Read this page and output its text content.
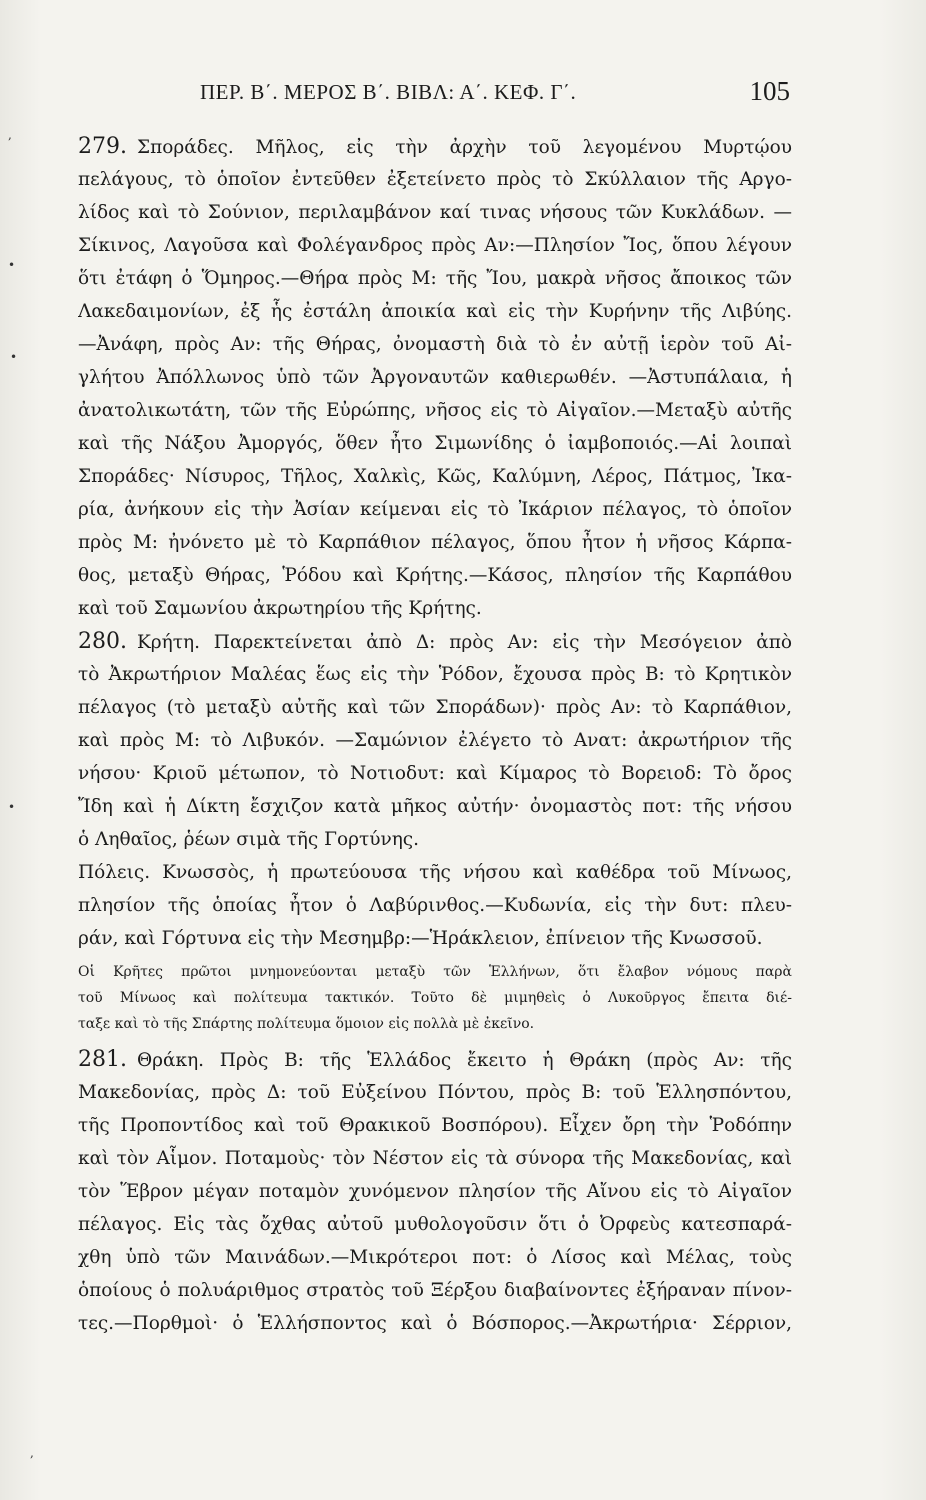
ΠΕΡ. Β΄. ΜΕΡΟΣ Β΄. ΒΙΒΛ: Α΄. ΚΕΦ. Γ΄.	105
279. Σποράδες. Μῆλος, εἰς τὴν ἀρχὴν τοῦ λεγομένου Μυρτῴου
πελάγους, τὸ ὁποῖον ἐντεῦθεν ἐξετείνετο πρὸς τὸ Σκύλλαιον τῆς Αργο-
λίδος καὶ τὸ Σούνιον, περιλαμβάνον καί τινας νήσους τῶν Κυκλάδων. —
Σίκινος, Λαγοῦσα καὶ Φολέγανδρος πρὸς Αν:—Πλησίον Ἴος, ὅπου λέγουν
ὅτι ἐτάφη ὁ Ὅμηρος.—Θήρα πρὸς Μ: τῆς Ἴου, μακρὰ νῆσος ἄποικος τῶν
Λακεδαιμονίων, ἐξ ἧς ἐστάλη ἀποικία καὶ εἰς τὴν Κυρήνην τῆς Λιβύης.
—Ἀνάφη, πρὸς Αν: τῆς Θήρας, ὀνομαστὴ διὰ τὸ ἐν αὐτῇ ἱερὸν τοῦ Αἰ-
γλήτου Ἀπόλλωνος ὑπὸ τῶν Ἀργοναυτῶν καθιερωθέν. —Ἀστυπάλαια, ἡ
ἀνατολικωτάτη, τῶν τῆς Εὐρώπης, νῆσος εἰς τὸ Αἰγαῖον.—Μεταξὺ αὐτῆς
καὶ τῆς Νάξου Ἀμοργός, ὅθεν ἦτο Σιμωνίδης ὁ ἰαμβοποιός.—Αἱ λοιπαὶ
Σποράδες· Νίσυρος, Τῆλος, Χαλκὶς, Κῶς, Καλύμνη, Λέρος, Πάτμος, Ἰκα-
ρία, ἀνήκουν εἰς τὴν Ἀσίαν κείμεναι εἰς τὸ Ἰκάριον πέλαγος, τὸ ὁποῖον
πρὸς Μ: ἠνόνετο μὲ τὸ Καρπάθιον πέλαγος, ὅπου ἦτον ἡ νῆσος Κάρπα-
θος, μεταξὺ Θήρας, Ῥόδου καὶ Κρήτης.—Κάσος, πλησίον τῆς Καρπάθου
καὶ τοῦ Σαμωνίου ἀκρωτηρίου τῆς Κρήτης.
280. Κρήτη. Παρεκτείνεται ἀπὸ Δ: πρὸς Αν: εἰς τὴν Μεσόγειον ἀπὸ
τὸ Ἀκρωτήριον Μαλέας ἕως εἰς τὴν Ῥόδον, ἔχουσα πρὸς Β: τὸ Κρητικὸν
πέλαγος (τὸ μεταξὺ αὐτῆς καὶ τῶν Σποράδων)· πρὸς Αν: τὸ Καρπάθιον,
καὶ πρὸς Μ: τὸ Λιβυκόν. —Σαμώνιον ἐλέγετο τὸ Ανατ: ἀκρωτήριον τῆς
νήσου· Κριοῦ μέτωπον, τὸ Νοτιοδυτ: καὶ Κίμαρος τὸ Βορειοδ: Τὸ ὄρος
Ἴδη καὶ ἡ Δίκτη ἔσχιζον κατὰ μῆκος αὐτήν· ὀνομαστὸς ποτ: τῆς νήσου
ὁ Ληθαῖος, ῥέων σιμὰ τῆς Γορτύνης.
Πόλεις. Κνωσσὸς, ἡ πρωτεύουσα τῆς νήσου καὶ καθέδρα τοῦ Μίνωος,
πλησίον τῆς ὁποίας ἦτον ὁ Λαβύρινθος.—Κυδωνία, εἰς τὴν δυτ: πλευ-
ράν, καὶ Γόρτυνα εἰς τὴν Μεσημβρ:—Ἡράκλειον, ἐπίνειον τῆς Κνωσσοῦ.
Οἱ Κρῆτες πρῶτοι μνημονεύονται μεταξὺ τῶν Ἑλλήνων, ὅτι ἔλαβον νόμους παρὰ
τοῦ Μίνωος καὶ πολίτευμα τακτικόν. Τοῦτο δὲ μιμηθεὶς ὁ Λυκοῦργος ἔπειτα διέ-
ταξε καὶ τὸ τῆς Σπάρτης πολίτευμα ὅμοιον εἰς πολλὰ μὲ ἐκεῖνο.
281. Θράκη. Πρὸς Β: τῆς Ἑλλάδος ἔκειτο ἡ Θράκη (πρὸς Αν: τῆς
Μακεδονίας, πρὸς Δ: τοῦ Εὐξείνου Πόντου, πρὸς Β: τοῦ Ἑλλησπόντου,
τῆς Προποντίδος καὶ τοῦ Θρακικοῦ Βοσπόρου). Εἶχεν ὄρη τὴν Ῥοδόπην
καὶ τὸν Αἷμον. Ποταμοὺς· τὸν Νέστον εἰς τὰ σύνορα τῆς Μακεδονίας, καὶ
τὸν Ἕβρον μέγαν ποταμὸν χυνόμενον πλησίον τῆς Αἴνου εἰς τὸ Αἰγαῖον
πέλαγος. Εἰς τὰς ὄχθας αὐτοῦ μυθολογοῦσιν ὅτι ὁ Ὀρφεὺς κατεσπαρά-
χθη ὑπὸ τῶν Μαινάδων.—Μικρότεροι ποτ: ὁ Λίσος καὶ Μέλας, τοὺς
ὁποίους ὁ πολυάριθμος στρατὸς τοῦ Ξέρξου διαβαίνοντες ἐξήραναν πίνον-
τες.—Πορθμοὶ· ὁ Ἑλλήσποντος καὶ ὁ Βόσπορος.—Ἀκρωτήρια· Σέρριον,
,
•
•
•
,
